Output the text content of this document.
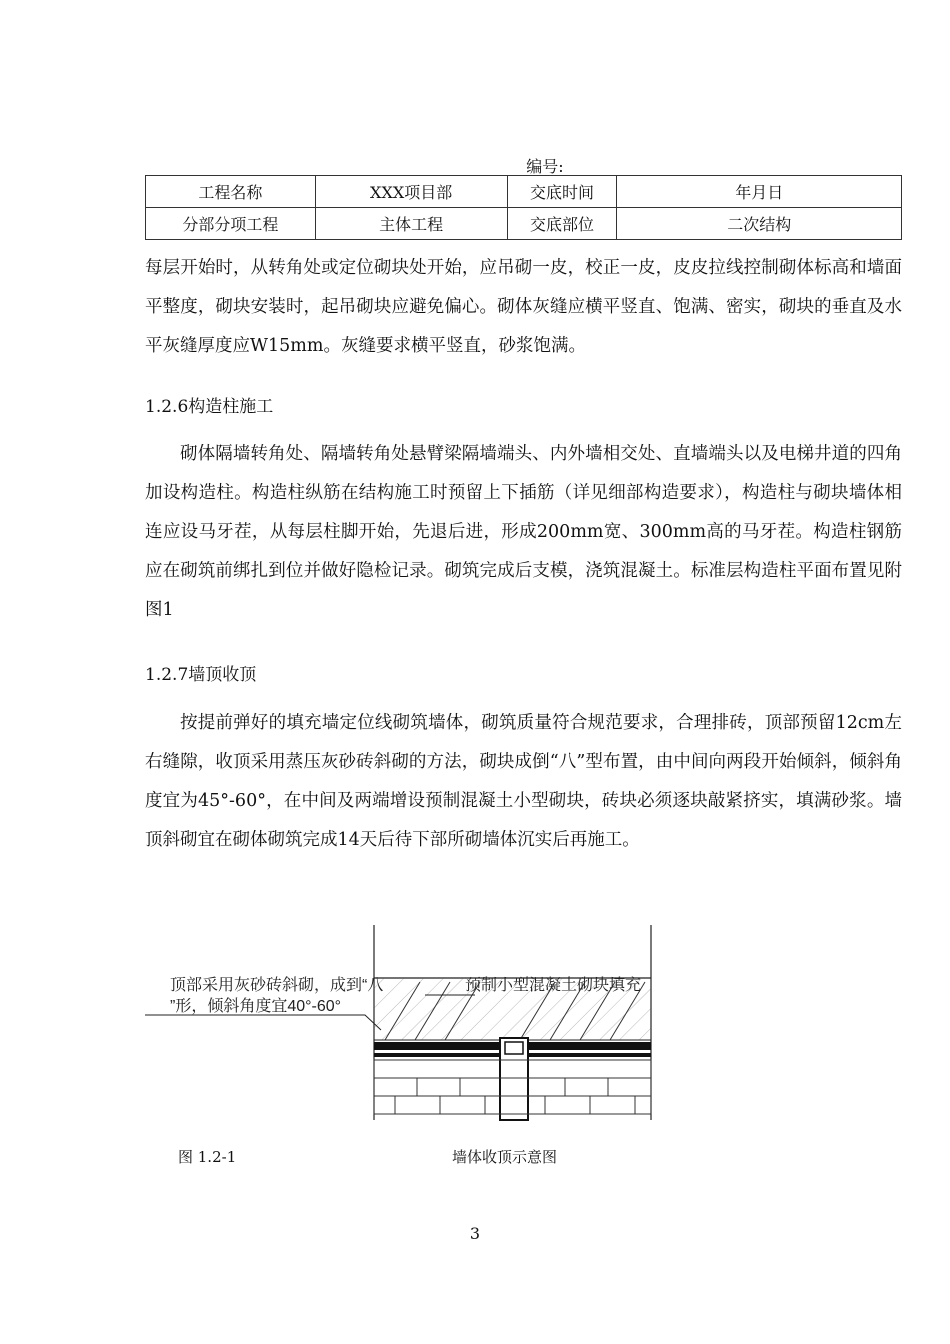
编号:
工程名称	XXX项目部	交底时间	年月日
分部分项工程	主体工程	交底部位	二次结构
每层开始时，从转角处或定位砌块处开始，应吊砌一皮，校正一皮，皮皮拉线控制砌体标高和墙面平整度，砌块安装时，起吊砌块应避免偏心。砌体灰缝应横平竖直、饱满、密实，砌块的垂直及水平灰缝厚度应W15mm。灰缝要求横平竖直，砂浆饱满。
1.2.6构造柱施工
砌体隔墙转角处、隔墙转角处悬臂梁隔墙端头、内外墙相交处、直墙端头以及电梯井道的四角加设构造柱。构造柱纵筋在结构施工时预留上下插筋（详见细部构造要求），构造柱与砌块墙体相连应设马牙茬，从每层柱脚开始，先退后进，形成200mm宽、300mm高的马牙茬。构造柱钢筋应在砌筑前绑扎到位并做好隐检记录。砌筑完成后支模，浇筑混凝土。标准层构造柱平面布置见附图1
1.2.7墙顶收顶
按提前弹好的填充墙定位线砌筑墙体，砌筑质量符合规范要求，合理排砖，顶部预留12cm左右缝隙，收顶采用蒸压灰砂砖斜砌的方法，砌块成倒“八”型布置，由中间向两段开始倾斜，倾斜角度宜为45°-60°，在中间及两端增设预制混凝土小型砌块，砖块必须逐块敲紧挤实，填满砂浆。墙顶斜砌宜在砌体砌筑完成14天后待下部所砌墙体沉实后再施工。
顶部采用灰砂砖斜砌，成到“八
”形，倾斜角度宜40°-60°
预制小型混凝土砌块填充
图 1.2-1	墙体收顶示意图
3
